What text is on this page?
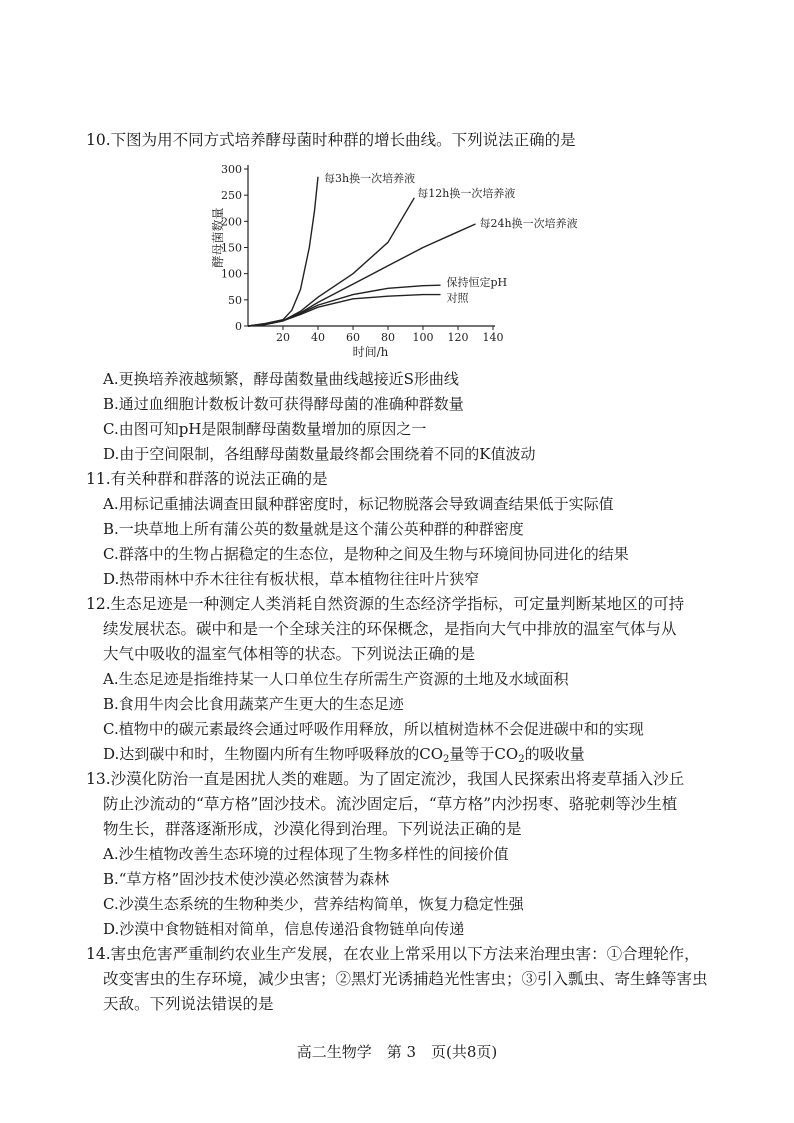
10.下图为用不同方式培养酵母菌时种群的增长曲线。下列说法正确的是
0
50
100
150
200
250
300
20 40 60 80 100 120 140
时间/h
酵母菌数量
每3h换一次培养液
每12h换一次培养液
每24h换一次培养液
保持恒定pH
对照
A.更换培养液越频繁，酵母菌数量曲线越接近S形曲线
B.通过血细胞计数板计数可获得酵母菌的准确种群数量
C.由图可知pH是限制酵母菌数量增加的原因之一
D.由于空间限制，各组酵母菌数量最终都会围绕着不同的K值波动
11.有关种群和群落的说法正确的是
A.用标记重捕法调查田鼠种群密度时，标记物脱落会导致调查结果低于实际值
B.一块草地上所有蒲公英的数量就是这个蒲公英种群的种群密度
C.群落中的生物占据稳定的生态位，是物种之间及生物与环境间协同进化的结果
D.热带雨林中乔木往往有板状根，草本植物往往叶片狭窄
12.生态足迹是一种测定人类消耗自然资源的生态经济学指标，可定量判断某地区的可持
续发展状态。碳中和是一个全球关注的环保概念，是指向大气中排放的温室气体与从
大气中吸收的温室气体相等的状态。下列说法正确的是
A.生态足迹是指维持某一人口单位生存所需生产资源的土地及水域面积
B.食用牛肉会比食用蔬菜产生更大的生态足迹
C.植物中的碳元素最终会通过呼吸作用释放，所以植树造林不会促进碳中和的实现
D.达到碳中和时，生物圈内所有生物呼吸释放的$CO_2$量等于$CO_2$的吸收量
13.沙漠化防治一直是困扰人类的难题。为了固定流沙，我国人民探索出将麦草插入沙丘
防止沙流动的“草方格”固沙技术。流沙固定后，“草方格”内沙拐枣、骆驼刺等沙生植
物生长，群落逐渐形成，沙漠化得到治理。下列说法正确的是
A.沙生植物改善生态环境的过程体现了生物多样性的间接价值
B.“草方格”固沙技术使沙漠必然演替为森林
C.沙漠生态系统的生物种类少，营养结构简单，恢复力稳定性强
D.沙漠中食物链相对简单，信息传递沿食物链单向传递
14.害虫危害严重制约农业生产发展，在农业上常采用以下方法来治理虫害：①合理轮作，
改变害虫的生存环境，减少虫害；②黑灯光诱捕趋光性害虫；③引入瓢虫、寄生蜂等害虫
天敌。下列说法错误的是
高二生物学　第 3　页(共8页)
